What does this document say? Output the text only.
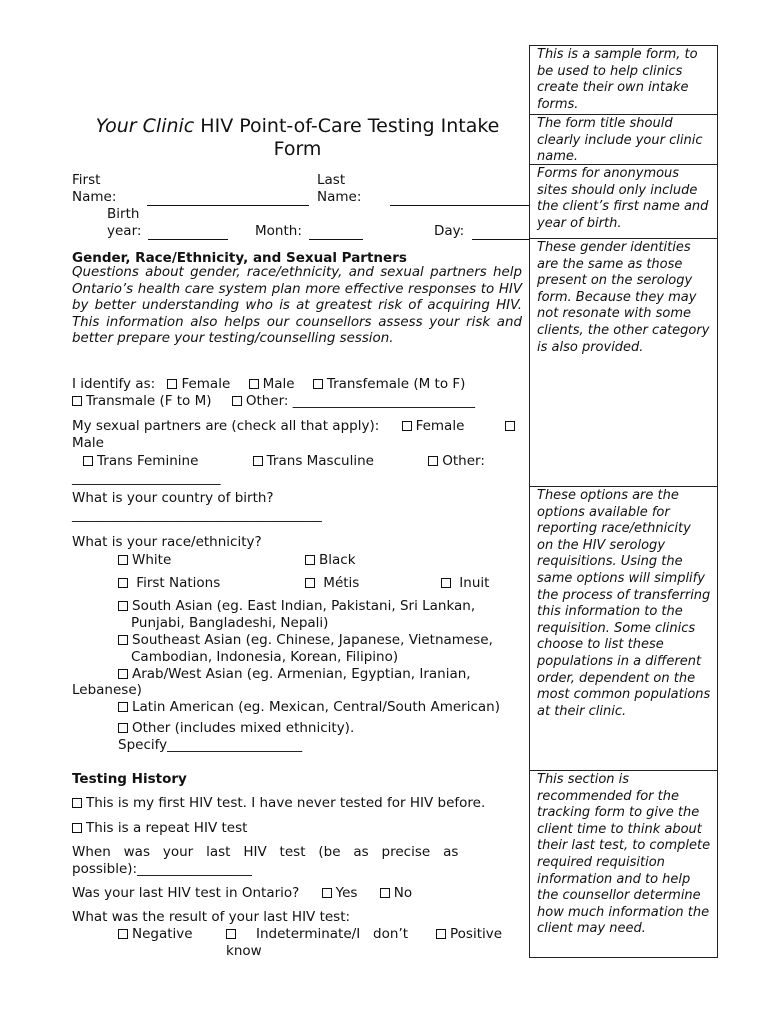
This is a sample form, to be used to help clinics create their own intake forms.
The form title should clearly include your clinic name.
Forms for anonymous sites should only include the client’s first name and year of birth.
These gender identities are the same as those present on the serology form. Because they may not resonate with some clients, the other category is also provided.
These options are the options available for reporting race/ethnicity on the HIV serology requisitions. Using the same options will simplify the process of transferring this information to the requisition. Some clinics choose to list these populations in a different order, dependent on the most common populations at their clinic.
This section is recommended for the tracking form to give the client time to think about their last test, to complete required requisition information and to help the counsellor determine how much information the client may need.
Your Clinic HIV Point-of-Care Testing Intake Form
First
Name:
Last
Name:
Birth
year:	Month:	Day:
Gender, Race/Ethnicity, and Sexual Partners
Questions about gender, race/ethnicity, and sexual partners help Ontario’s health care system plan more effective responses to HIV by better understanding who is at greatest risk of acquiring HIV. This information also helps our counsellors assess your risk and better prepare your testing/counselling session.
I identify as: Female Male Transfemale (M to F)
Transmale (F to M)	Other: ___________________________
My sexual partners are (check all that apply):	Female
Male
Trans Feminine	Trans Masculine	Other:
______________________
What is your country of birth?
_____________________________________
What is your race/ethnicity?
White	Black
First Nations	Métis	Inuit
South Asian (eg. East Indian, Pakistani, Sri Lankan,
Punjabi, Bangladeshi, Nepali)
Southeast Asian (eg. Chinese, Japanese, Vietnamese,
Cambodian, Indonesia, Korean, Filipino)
Arab/West Asian (eg. Armenian, Egyptian, Iranian,
Lebanese)
Latin American (eg. Mexican, Central/South American)
Other (includes mixed ethnicity).
Specify____________________
Testing History
This is my first HIV test. I have never tested for HIV before.
This is a repeat HIV test
When   was   your   last   HIV   test   (be   as   precise   as
possible):_________________
Was your last HIV test in Ontario?	Yes	No
What was the result of your last HIV test:
Negative	Indeterminate/I   don’t
know
Positive
